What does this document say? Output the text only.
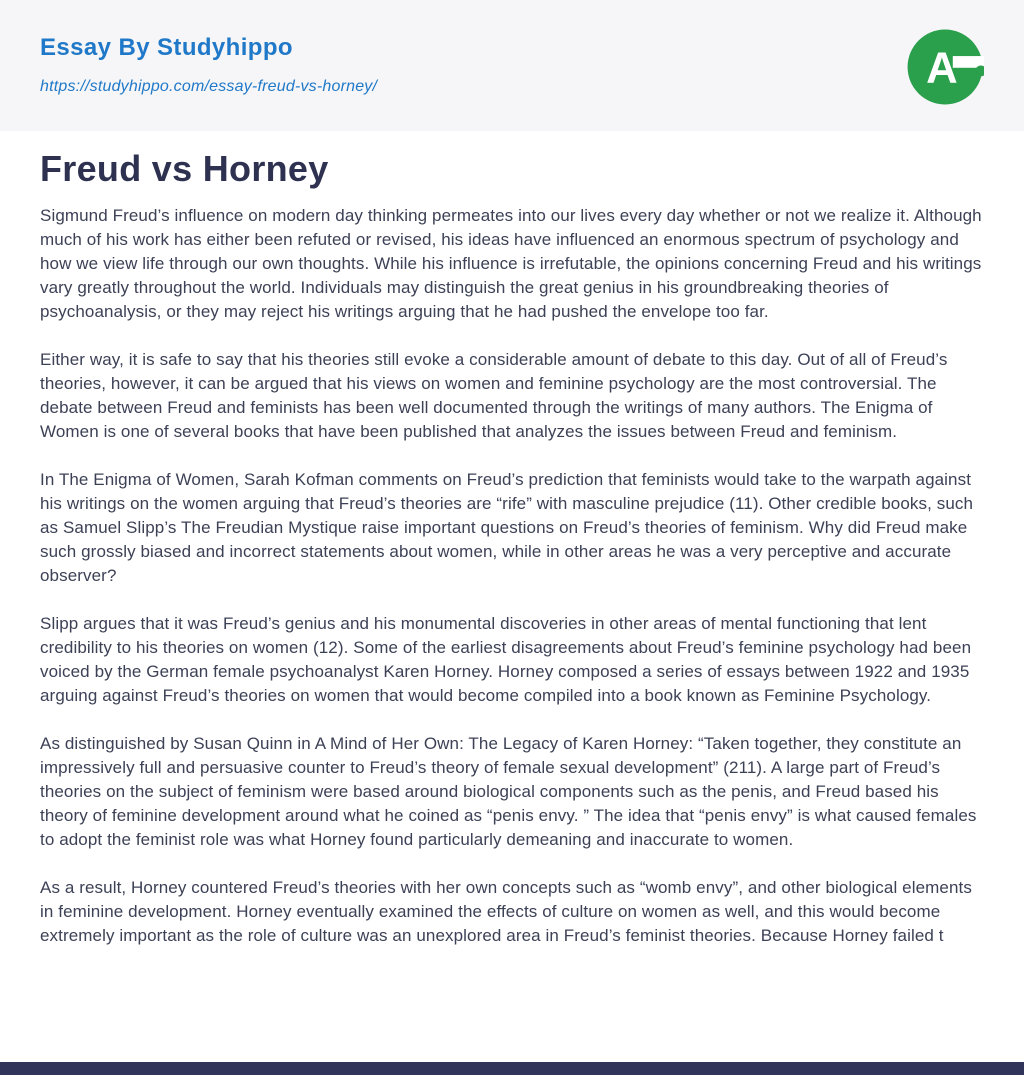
Essay By Studyhippo
https://studyhippo.com/essay-freud-vs-horney/	A
Freud vs Horney

Sigmund Freud’s influence on modern day thinking permeates into our lives every day whether or not we realize it. Although much of his work has either been refuted or revised, his ideas have influenced an enormous spectrum of psychology and how we view life through our own thoughts. While his influence is irrefutable, the opinions concerning Freud and his writings vary greatly throughout the world. Individuals may distinguish the great genius in his groundbreaking theories of psychoanalysis, or they may reject his writings arguing that he had pushed the envelope too far.

Either way, it is safe to say that his theories still evoke a considerable amount of debate to this day. Out of all of Freud’s theories, however, it can be argued that his views on women and feminine psychology are the most controversial. The debate between Freud and feminists has been well documented through the writings of many authors. The Enigma of Women is one of several books that have been published that analyzes the issues between Freud and feminism.

In The Enigma of Women, Sarah Kofman comments on Freud’s prediction that feminists would take to the warpath against his writings on the women arguing that Freud’s theories are “rife” with masculine prejudice (11). Other credible books, such as Samuel Slipp’s The Freudian Mystique raise important questions on Freud’s theories of feminism. Why did Freud make such grossly biased and incorrect statements about women, while in other areas he was a very perceptive and accurate observer?

Slipp argues that it was Freud’s genius and his monumental discoveries in other areas of mental functioning that lent credibility to his theories on women (12). Some of the earliest disagreements about Freud’s feminine psychology had been voiced by the German female psychoanalyst Karen Horney. Horney composed a series of essays between 1922 and 1935 arguing against Freud’s theories on women that would become compiled into a book known as Feminine Psychology.

As distinguished by Susan Quinn in A Mind of Her Own: The Legacy of Karen Horney: “Taken together, they constitute an impressively full and persuasive counter to Freud’s theory of female sexual development” (211). A large part of Freud’s theories on the subject of feminism were based around biological components such as the penis, and Freud based his theory of feminine development around what he coined as “penis envy. ” The idea that “penis envy” is what caused females to adopt the feminist role was what Horney found particularly demeaning and inaccurate to women.

As a result, Horney countered Freud’s theories with her own concepts such as “womb envy”, and other biological elements in feminine development. Horney eventually examined the effects of culture on women as well, and this would become extremely important as the role of culture was an unexplored area in Freud’s feminist theories. Because Horney failed t
